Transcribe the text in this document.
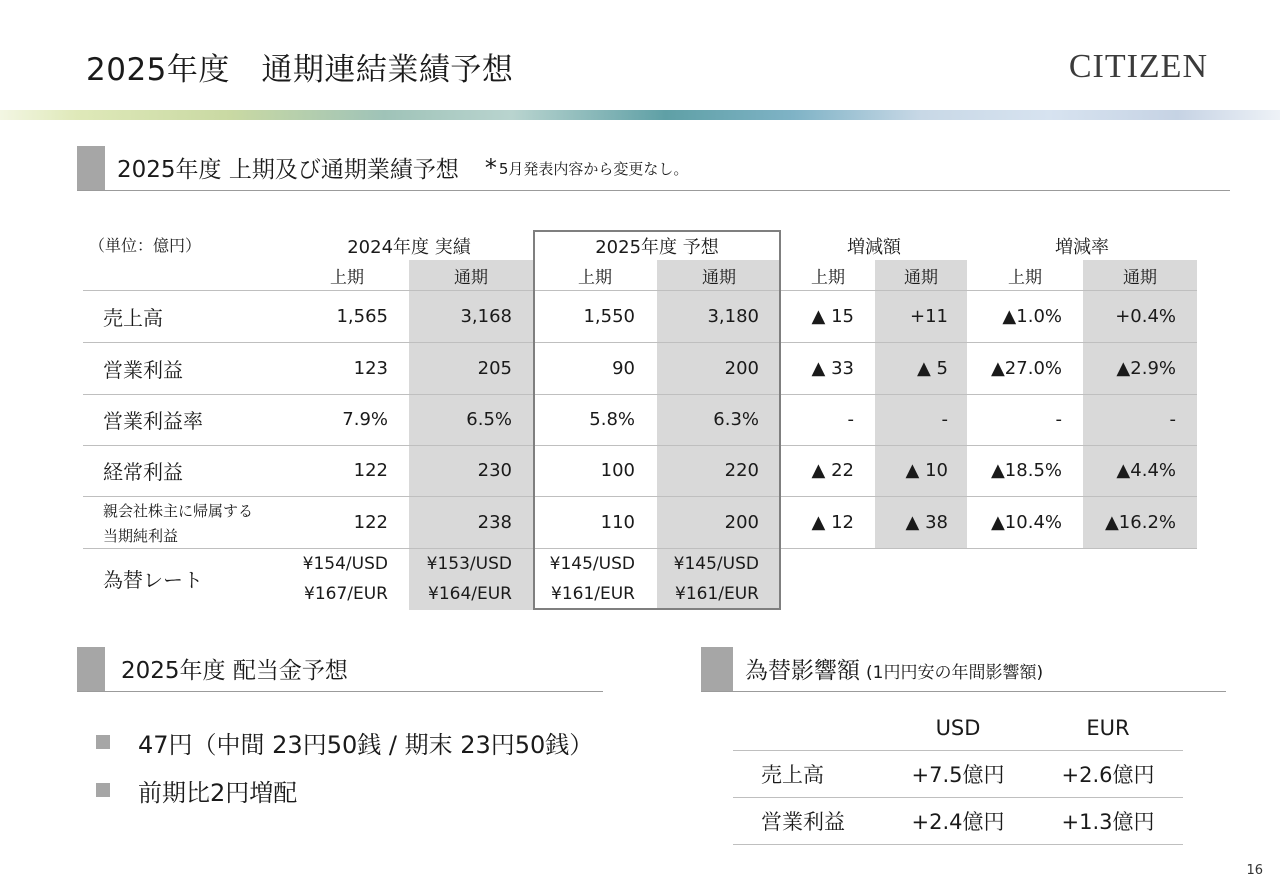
2025年度　通期連結業績予想	CITIZEN
2025年度 上期及び通期業績予想 * 5月発表内容から変更なし。
（単位：億円）	2024年度 実績	2025年度 予想	増減額	増減率
上期	通期	上期	通期	上期	通期	上期	通期
売上高	1,565	3,168	1,550	3,180	▲ 15	+11	▲1.0%	+0.4%
営業利益	123	205	90	200	▲ 33	▲ 5	▲27.0%	▲2.9%
営業利益率	7.9%	6.5%	5.8%	6.3%	-	-	-	-
経常利益	122	230	100	220	▲ 22	▲ 10	▲18.5%	▲4.4%
親会社株主に帰属する
当期純利益
122	238	110	200	▲ 12	▲ 38	▲10.4%	▲16.2%
為替レート
¥154/USD	¥153/USD	¥145/USD	¥145/USD
¥167/EUR	¥164/EUR	¥161/EUR	¥161/EUR
2025年度 配当金予想
47円（中間 23円50銭 / 期末 23円50銭）
前期比2円増配
為替影響額 (1円円安の年間影響額)
USD	EUR
売上高	+7.5億円	+2.6億円
営業利益	+2.4億円	+1.3億円
16
